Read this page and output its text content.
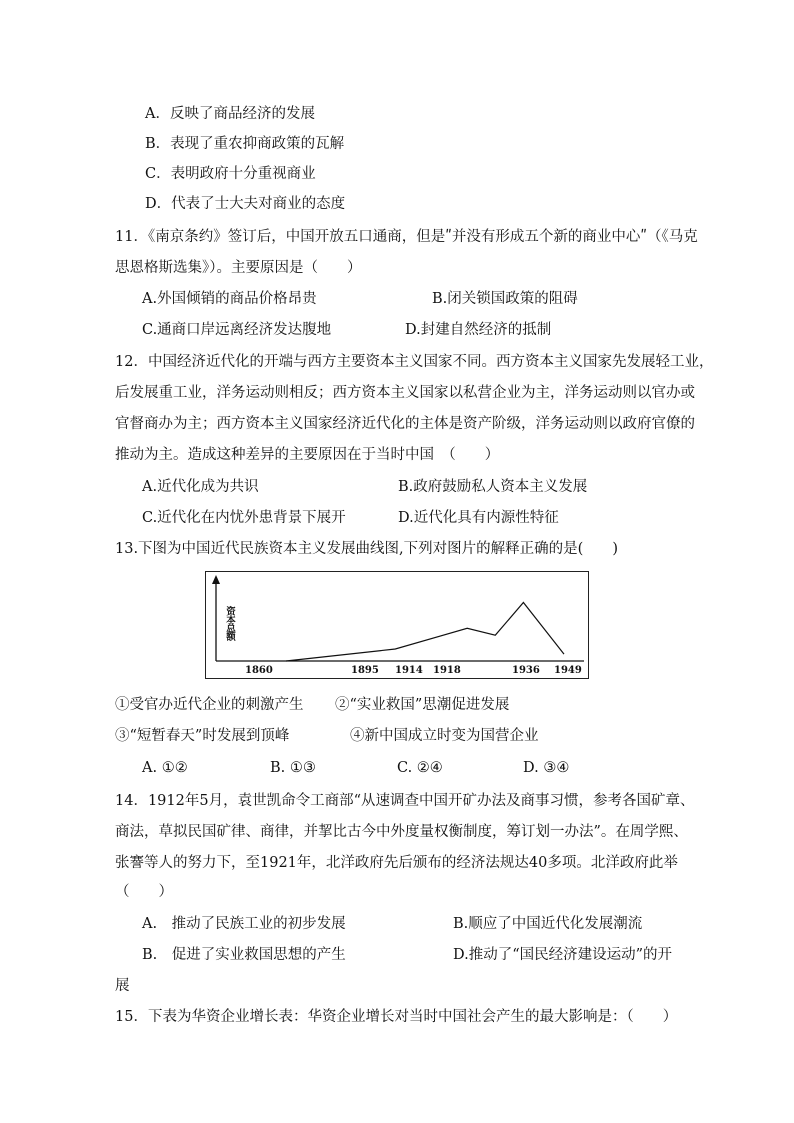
A．反映了商品经济的发展
B．表现了重农抑商政策的瓦解
C．表明政府十分重视商业
D．代表了士大夫对商业的态度
11．《南京条约》签订后，中国开放五口通商，但是ʺ并没有形成五个新的商业中心ʺ（《马克
思恩格斯选集》）。主要原因是（　　）
A.外国倾销的商品价格昂贵	B.闭关锁国政策的阻碍
C.通商口岸远离经济发达腹地	D.封建自然经济的抵制
12．中国经济近代化的开端与西方主要资本主义国家不同。西方资本主义国家先发展轻工业，
后发展重工业，洋务运动则相反；西方资本主义国家以私营企业为主，洋务运动则以官办或
官督商办为主；西方资本主义国家经济近代化的主体是资产阶级，洋务运动则以政府官僚的
推动为主。造成这种差异的主要原因在于当时中国　（　　）
A.近代化成为共识	B.政府鼓励私人资本主义发展
C.近代化在内忧外患背景下展开	D.近代化具有内源性特征
13.下图为中国近代民族资本主义发展曲线图,下列对图片的解释正确的是(　　)
资本总额
1860	1895 1914 1918	1936 1949
①受官办近代企业的刺激产生 ②“实业救国”思潮促进发展
③“短暂春天”时发展到顶峰	④新中国成立时变为国营企业
A. ①②	B. ①③	C. ②④	D. ③④
14．1912年5月，袁世凯命令工商部“从速调查中国开矿办法及商事习惯，参考各国矿章、
商法，草拟民国矿律、商律，并挈比古今中外度量权衡制度，筹订划一办法”。在周学熙、
张謇等人的努力下，至1921年，北洋政府先后颁布的经济法规达40多项。北洋政府此举
（　　）
A.　推动了民族工业的初步发展	B.顺应了中国近代化发展潮流
B.　促进了实业救国思想的产生	D.推动了“国民经济建设运动”的开
展
15．下表为华资企业增长表：华资企业增长对当时中国社会产生的最大影响是：（　　）
